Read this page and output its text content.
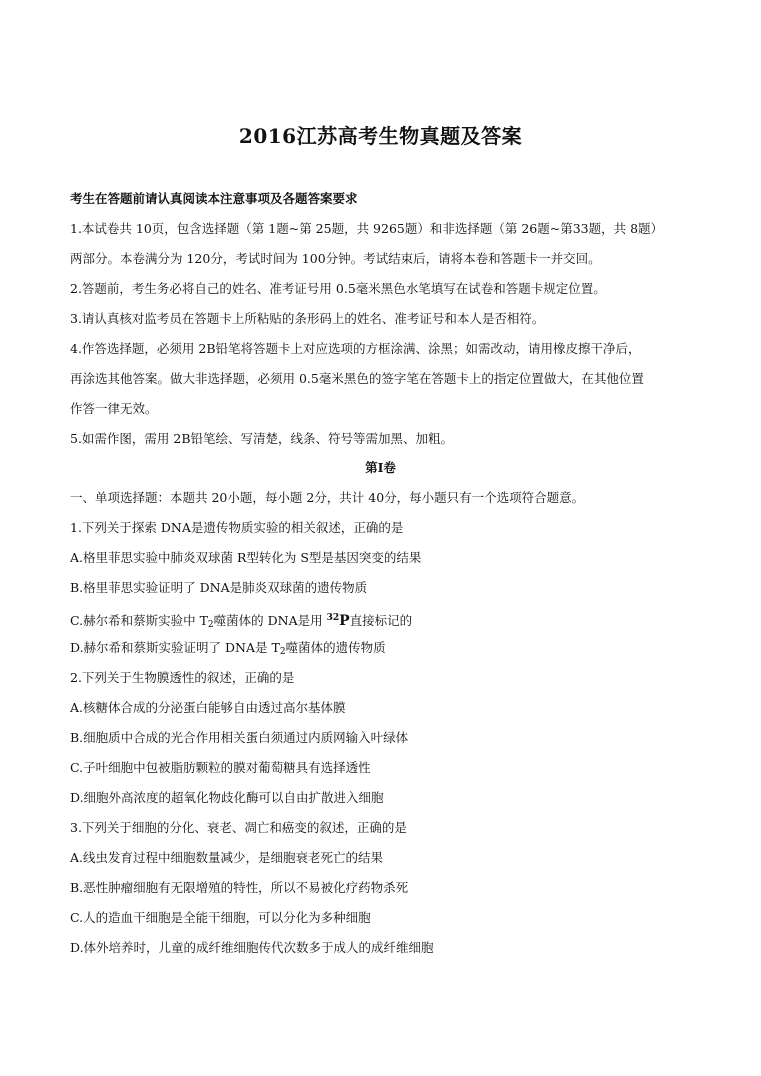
2016江苏高考生物真题及答案
考生在答题前请认真阅读本注意事项及各题答案要求
1.本试卷共 10页，包含选择题（第 1题~第 25题，共 9265题）和非选择题（第 26题~第33题，共 8题）
两部分。本卷满分为 120分，考试时间为 100分钟。考试结束后，请将本卷和答题卡一并交回。
2.答题前，考生务必将自己的姓名、准考证号用 0.5毫米黑色水笔填写在试卷和答题卡规定位置。
3.请认真核对监考员在答题卡上所粘贴的条形码上的姓名、准考证号和本人是否相符。
4.作答选择题，必须用 2B铅笔将答题卡上对应选项的方框涂满、涂黑；如需改动，请用橡皮擦干净后，
再涂选其他答案。做大非选择题，必须用 0.5毫米黑色的签字笔在答题卡上的指定位置做大，在其他位置
作答一律无效。
5.如需作图，需用 2B铅笔绘、写清楚，线条、符号等需加黑、加粗。
第Ⅰ卷
一、单项选择题：本题共 20小题，每小题 2分，共计 40分，每小题只有一个选项符合题意。
1.下列关于探索 DNA是遗传物质实验的相关叙述，正确的是
A.格里菲思实验中肺炎双球菌 R型转化为 S型是基因突变的结果
B.格里菲思实验证明了 DNA是肺炎双球菌的遗传物质
C.赫尔希和蔡斯实验中 $T_2$噬菌体的 DNA是用 $^{32}$P直接标记的
D.赫尔希和蔡斯实验证明了 DNA是 $T_2$噬菌体的遗传物质
2.下列关于生物膜透性的叙述，正确的是
A.核糖体合成的分泌蛋白能够自由透过高尔基体膜
B.细胞质中合成的光合作用相关蛋白须通过内质网输入叶绿体
C.子叶细胞中包被脂肪颗粒的膜对葡萄糖具有选择透性
D.细胞外高浓度的超氧化物歧化酶可以自由扩散进入细胞
3.下列关于细胞的分化、衰老、凋亡和癌变的叙述，正确的是
A.线虫发育过程中细胞数量减少，是细胞衰老死亡的结果
B.恶性肿瘤细胞有无限增殖的特性，所以不易被化疗药物杀死
C.人的造血干细胞是全能干细胞，可以分化为多种细胞
D.体外培养时，儿童的成纤维细胞传代次数多于成人的成纤维细胞
